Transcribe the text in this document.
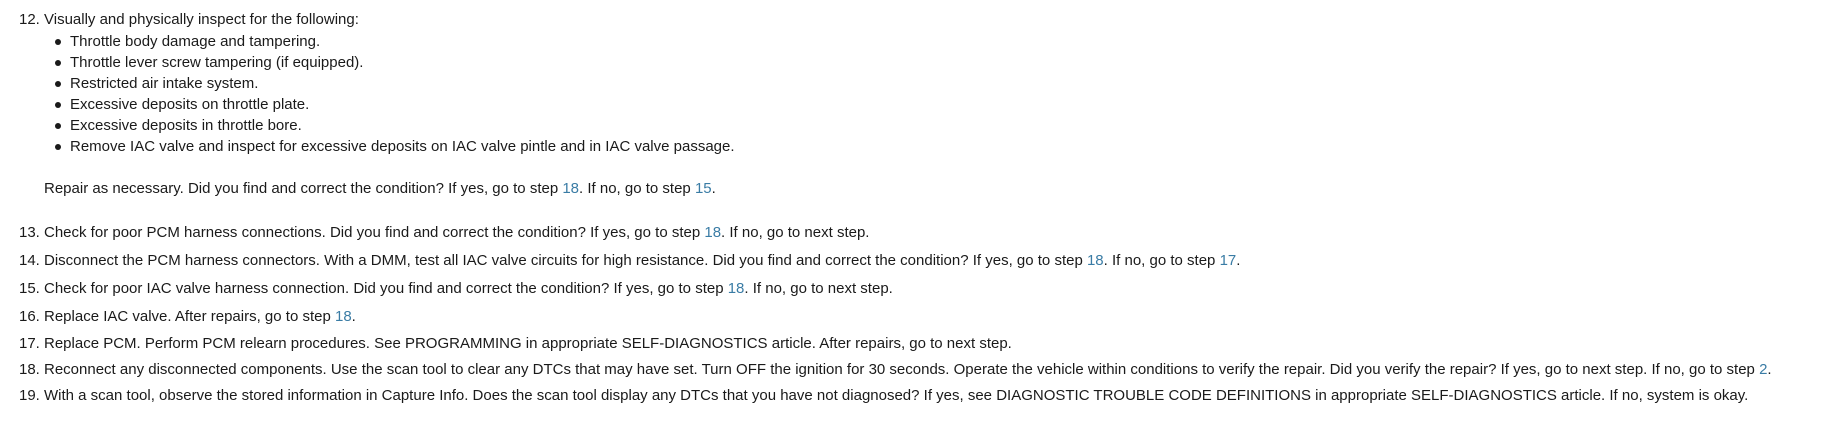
12. Visually and physically inspect for the following:
Throttle body damage and tampering.
Throttle lever screw tampering (if equipped).
Restricted air intake system.
Excessive deposits on throttle plate.
Excessive deposits in throttle bore.
Remove IAC valve and inspect for excessive deposits on IAC valve pintle and in IAC valve passage.
Repair as necessary. Did you find and correct the condition? If yes, go to step 18. If no, go to step 15.
13. Check for poor PCM harness connections. Did you find and correct the condition? If yes, go to step 18. If no, go to next step.
14. Disconnect the PCM harness connectors. With a DMM, test all IAC valve circuits for high resistance. Did you find and correct the condition? If yes, go to step 18. If no, go to step 17.
15. Check for poor IAC valve harness connection. Did you find and correct the condition? If yes, go to step 18. If no, go to next step.
16. Replace IAC valve. After repairs, go to step 18.
17. Replace PCM. Perform PCM relearn procedures. See PROGRAMMING in appropriate SELF-DIAGNOSTICS article. After repairs, go to next step.
18. Reconnect any disconnected components. Use the scan tool to clear any DTCs that may have set. Turn OFF the ignition for 30 seconds. Operate the vehicle within conditions to verify the repair. Did you verify the repair? If yes, go to next step. If no, go to step 2.
19. With a scan tool, observe the stored information in Capture Info. Does the scan tool display any DTCs that you have not diagnosed? If yes, see DIAGNOSTIC TROUBLE CODE DEFINITIONS in appropriate SELF-DIAGNOSTICS article. If no, system is okay.
